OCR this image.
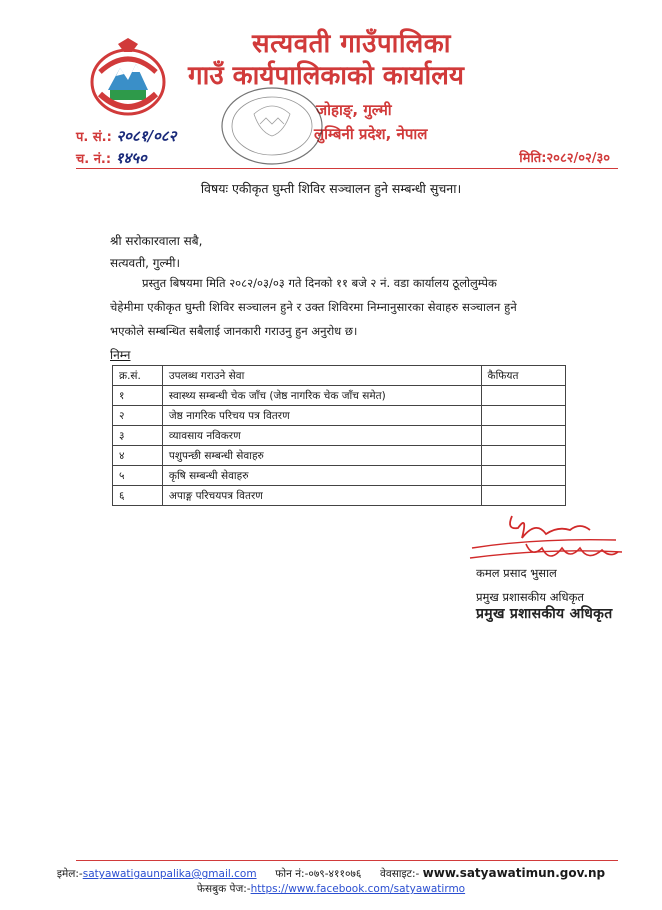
सत्यवती गाउँपालिका
गाउँ कार्यपालिकाको कार्यालय
जोहाङ्, गुल्मी
लुम्बिनी प्रदेश, नेपाल
प. सं.: २०८१/०८२
च. नं.: १४५०	मिति:२०८२/०२/३०
विषयः एकीकृत घुम्ती शिविर सञ्चालन हुने सम्बन्धी सुचना।
श्री सरोकारवाला सबै,
सत्यवती, गुल्मी।
प्रस्तुत बिषयमा मिति २०८२/०३/०३ गते दिनको ११ बजे २ नं. वडा कार्यालय ठूलोलुम्पेक
चेहेमीमा एकीकृत घुम्ती शिविर सञ्चालन हुने र उक्त शिविरमा निम्नानुसारका सेवाहरु सञ्चालन हुने
भएकोले सम्बन्धित सबैलाई जानकारी गराउनु हुन अनुरोध छ।
निम्न
क्र.सं.	उपलब्ध गराउने सेवा	कैफियत
१	स्वास्थ्य सम्बन्धी चेक जाँच (जेष्ठ नागरिक चेक जाँच समेत)	
२	जेष्ठ नागरिक परिचय पत्र वितरण	
३	व्यावसाय नविकरण	
४	पशुपन्छी सम्बन्धी सेवाहरु	
५	कृषि सम्बन्धी सेवाहरु	
६	अपाङ्ग परिचयपत्र वितरण	
कमल प्रसाद भुसाल
प्रमुख प्रशासकीय अधिकृत
प्रमुख प्रशासकीय अधिकृत
इमेल:-satyawatigaunpalika@gmail.com फोन नं:-०७९-४११०७६ वेवसाइट:- www.satyawatimun.gov.np
फेसबुक पेज:-https://www.facebook.com/satyawatirmo
